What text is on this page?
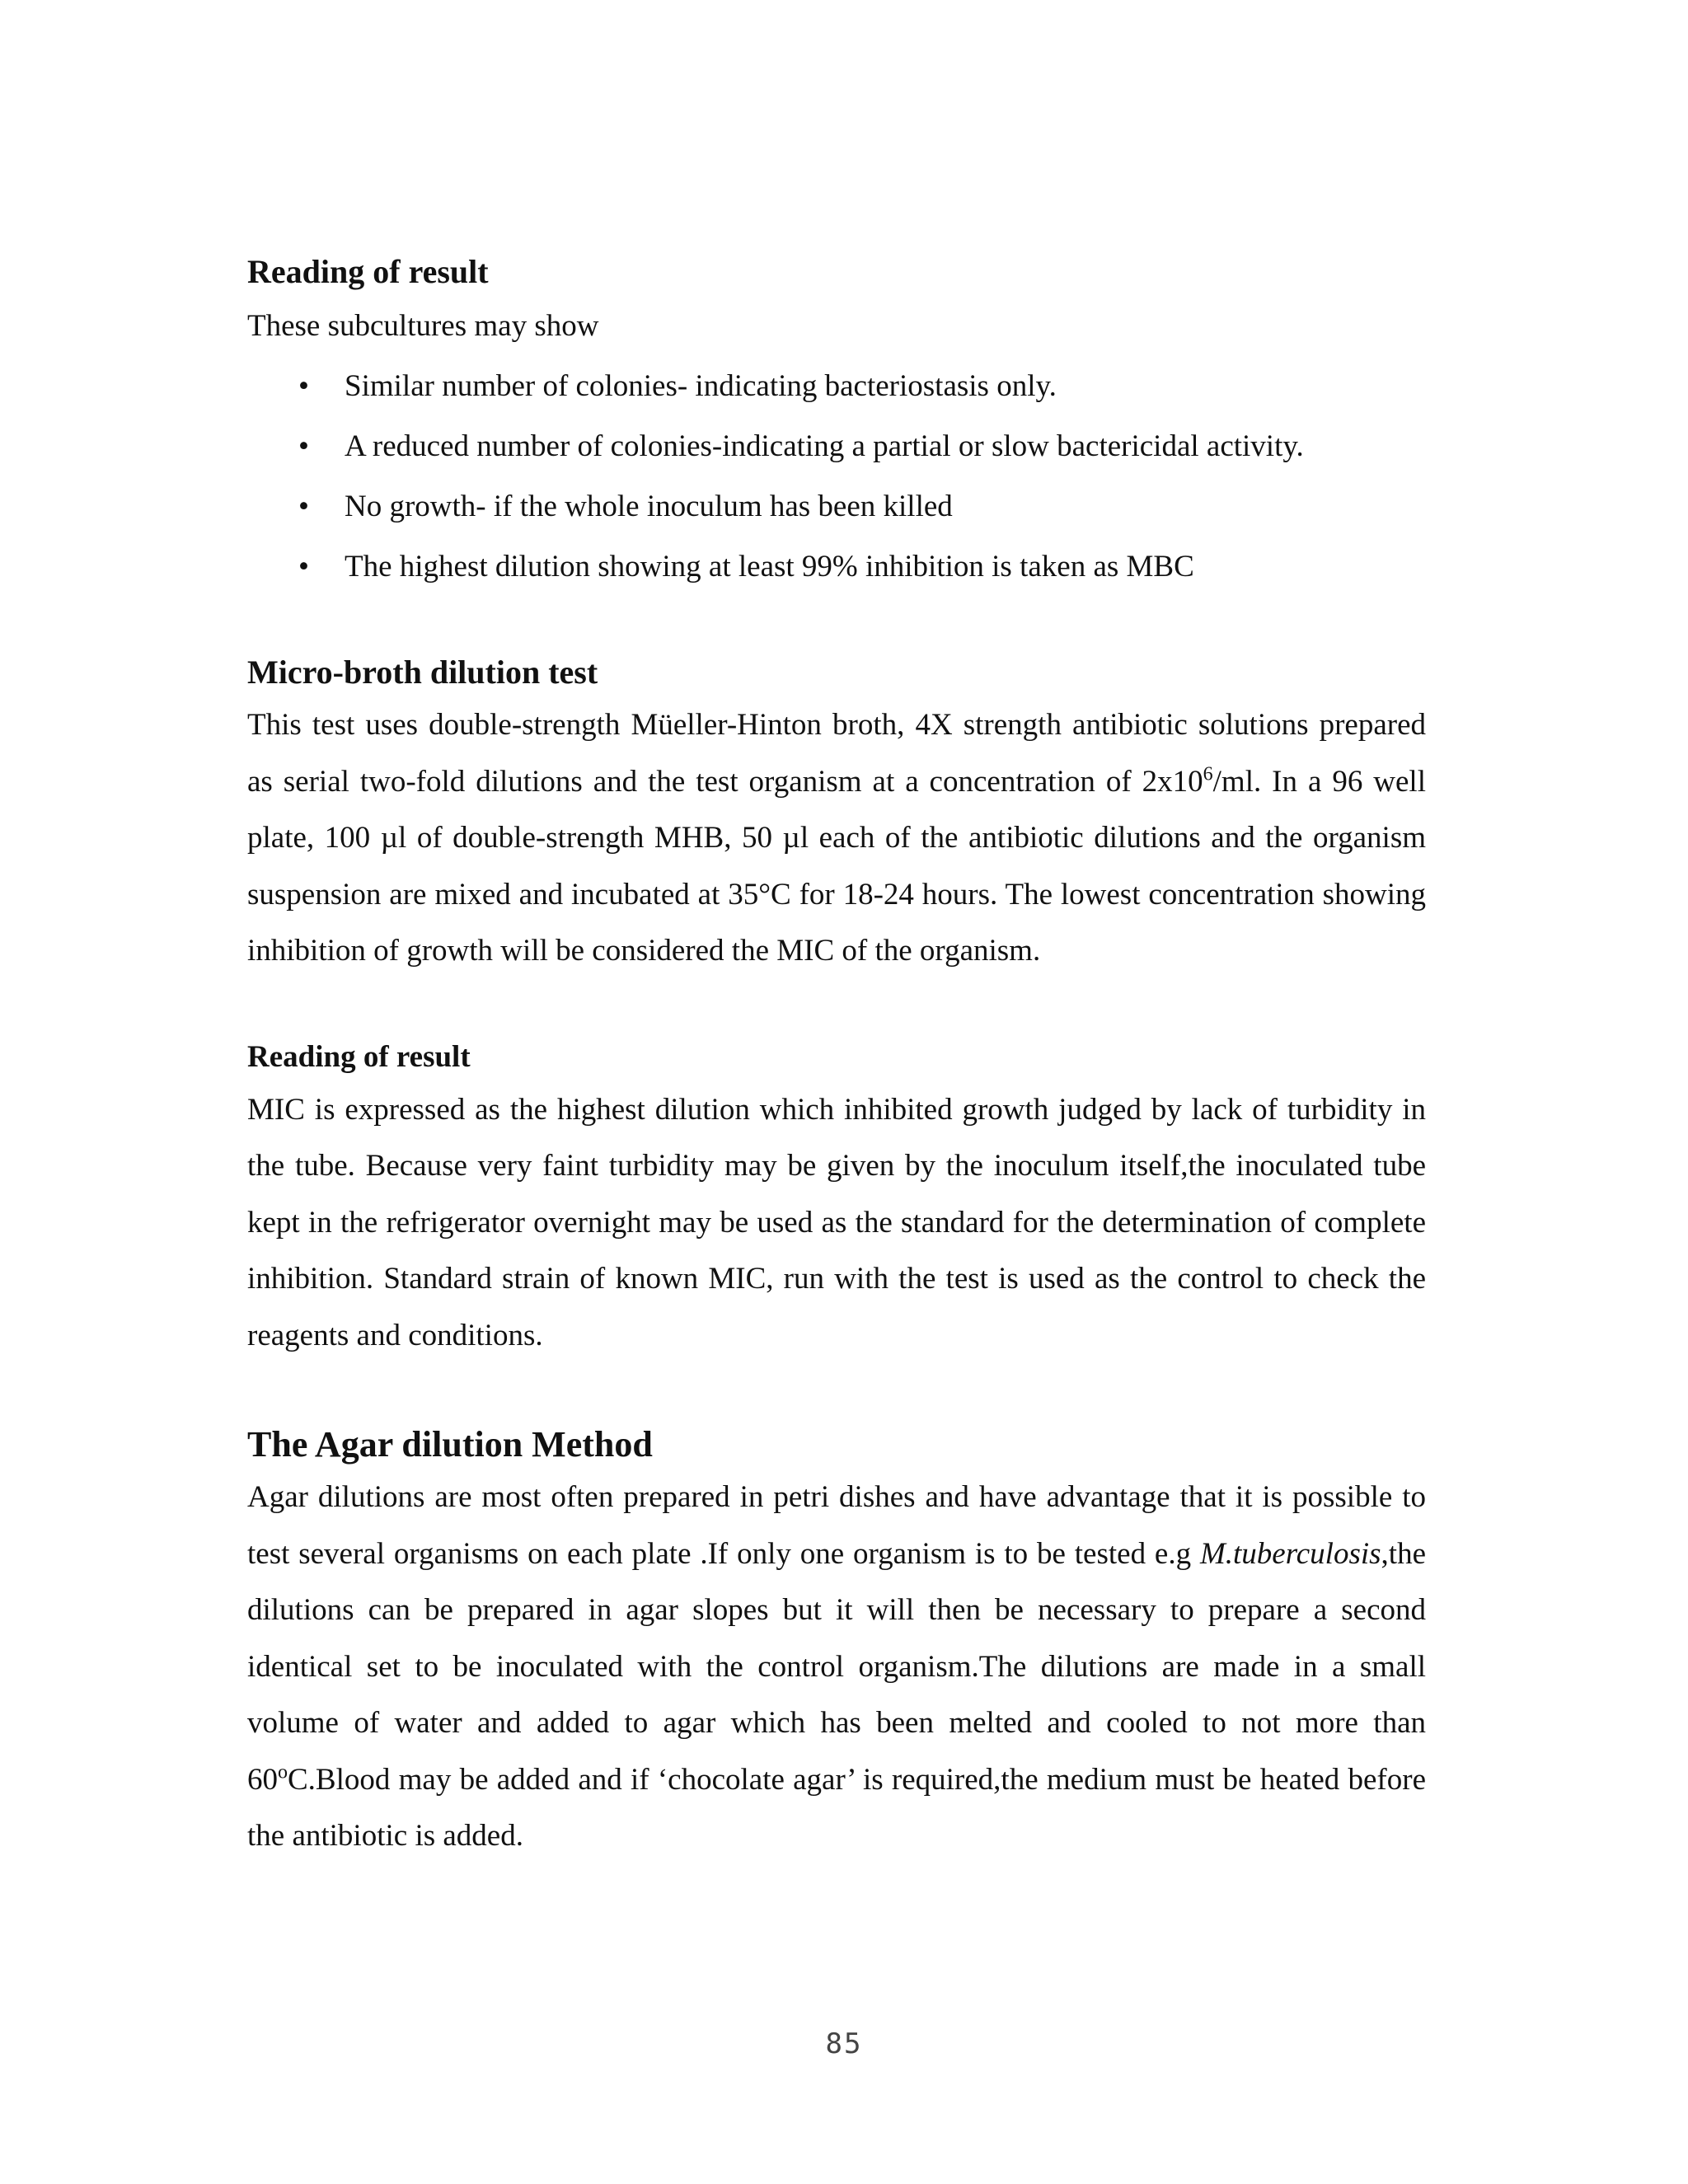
Reading of result

These subcultures may show

• Similar number of colonies- indicating bacteriostasis only.
• A reduced number of colonies-indicating a partial or slow bactericidal activity.
• No growth- if the whole inoculum has been killed
• The highest dilution showing at least 99% inhibition is taken as MBC
Micro-broth dilution test

This test uses double-strength Müeller-Hinton broth, 4X strength antibiotic solutions prepared as serial two-fold dilutions and the test organism at a concentration of $2x10^6/ml$. In a 96 well plate, 100 µl of double-strength MHB, 50 µl each of the antibiotic dilutions and the organism suspension are mixed and incubated at 35°C for 18-24 hours. The lowest concentration showing inhibition of growth will be considered the MIC of the organism.

Reading of result

MIC is expressed as the highest dilution which inhibited growth judged by lack of turbidity in the tube. Because very faint turbidity may be given by the inoculum itself,the inoculated tube kept in the refrigerator overnight may be used as the standard for the determination of complete inhibition. Standard strain of known MIC, run with the test is used as the control to check the reagents and conditions.

The Agar dilution Method

Agar dilutions are most often prepared in petri dishes and have advantage that it is possible to test several organisms on each plate .If only one organism is to be tested e.g M.tuberculosis,the dilutions can be prepared in agar slopes but it will then be necessary to prepare a second identical set to be inoculated with the control organism.The dilutions are made in a small volume of water and added to agar which has been melted and cooled to not more than 60$^o$C.Blood may be added and if ‘chocolate agar’ is required,the medium must be heated before the antibiotic is added.

85
